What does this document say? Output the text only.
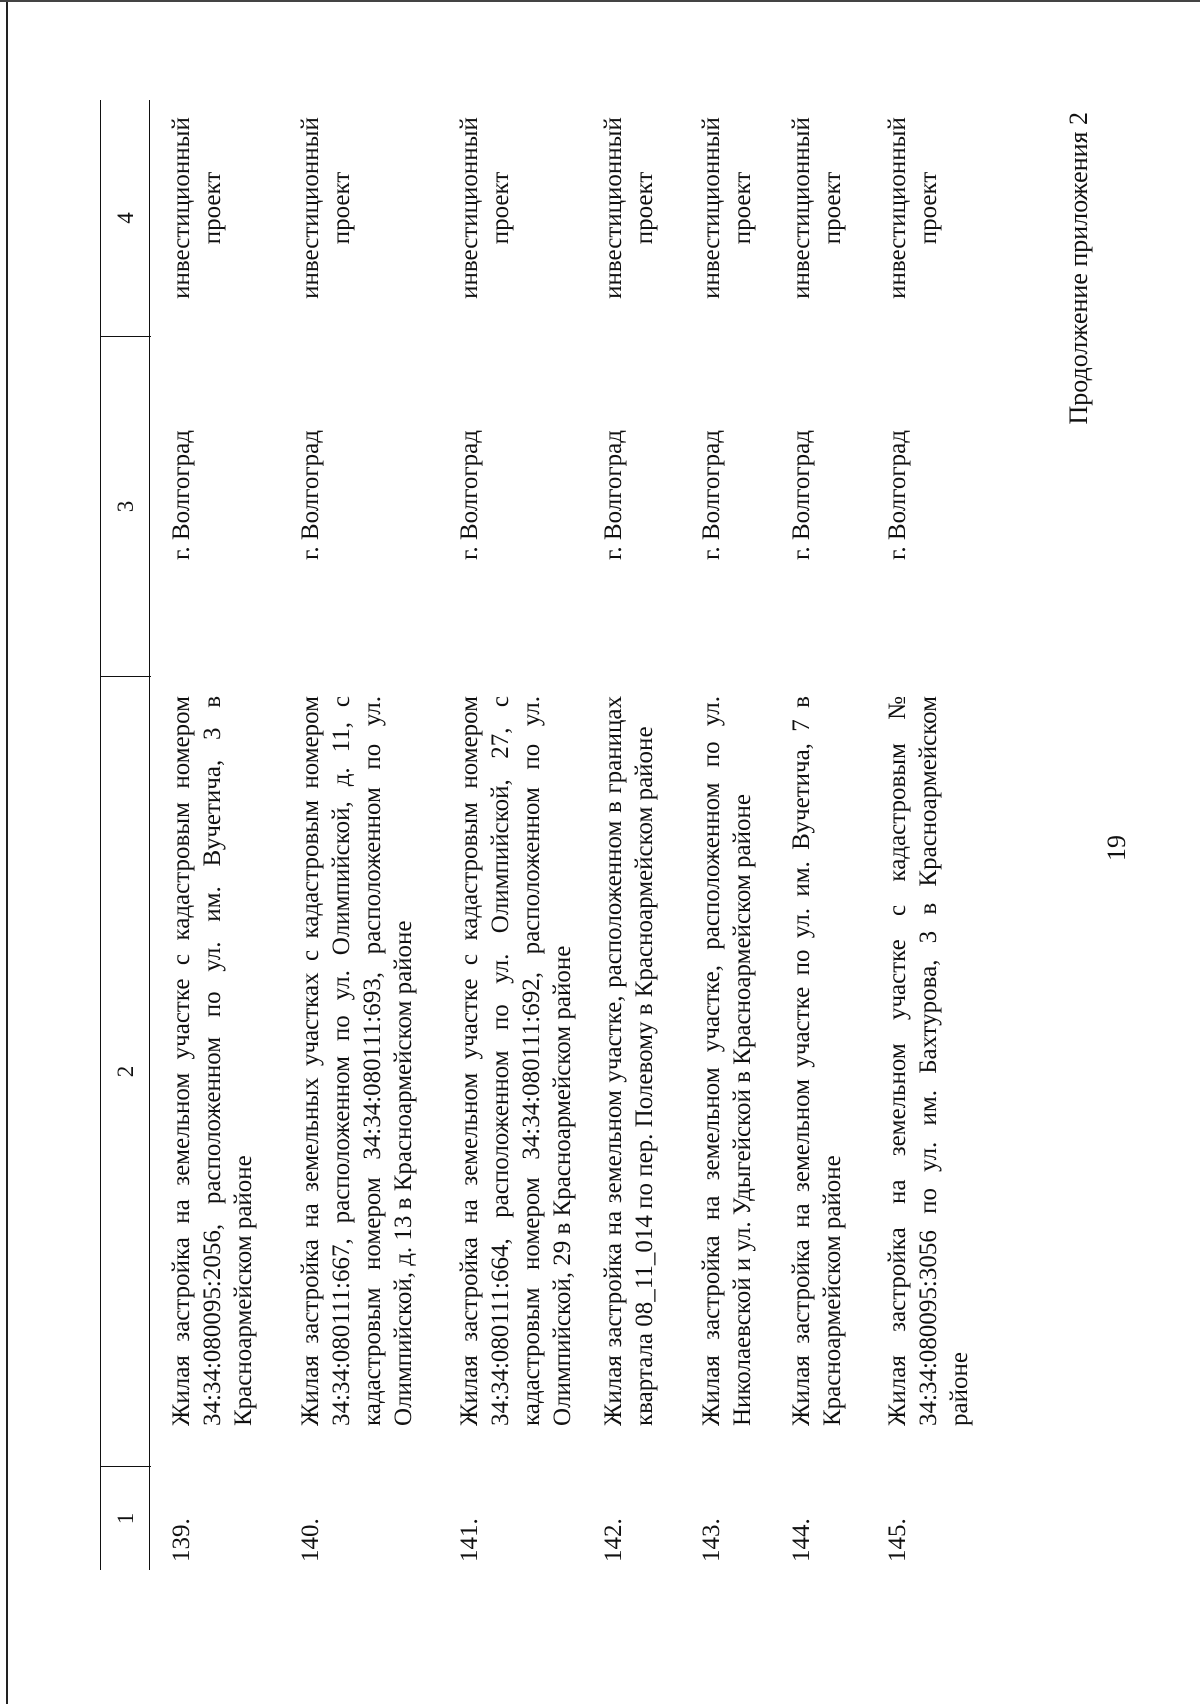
19
Продолжение приложения 2
1
2
3
4
139.
Жилая застройка на земельном участке с кадастровым номером 34:34:080095:2056, расположенном по ул. им. Вучетича, 3 в Красноармейском районе
г. Волгоград
инвестиционный проект
140.
Жилая застройка на земельных участках с кадастровым номером 34:34:080111:667, расположенном по ул. Олимпийской, д. 11, с кадастровым номером 34:34:080111:693, расположенном по ул. Олимпийской, д. 13 в Красноармейском районе
г. Волгоград
инвестиционный проект
141.
Жилая застройка на земельном участке с кадастровым номером 34:34:080111:664, расположенном по ул. Олимпийской, 27, с кадастровым номером 34:34:080111:692, расположенном по ул. Олимпийской, 29 в Красноармейском районе
г. Волгоград
инвестиционный проект
142.
Жилая застройка на земельном участке, расположенном в границах квартала 08_11_014 по пер. Полевому в Красноармейском районе
г. Волгоград
инвестиционный проект
143.
Жилая застройка на земельном участке, расположенном по ул. Николаевской и ул. Удыгейской в Красноармейском районе
г. Волгоград
инвестиционный проект
144.
Жилая застройка на земельном участке по ул. им. Вучетича, 7 в Красноармейском районе
г. Волгоград
инвестиционный проект
145.
Жилая застройка на земельном участке с кадастровым № 34:34:080095:3056 по ул. им. Бахтурова, 3 в Красноармейском районе
г. Волгоград
инвестиционный проект
